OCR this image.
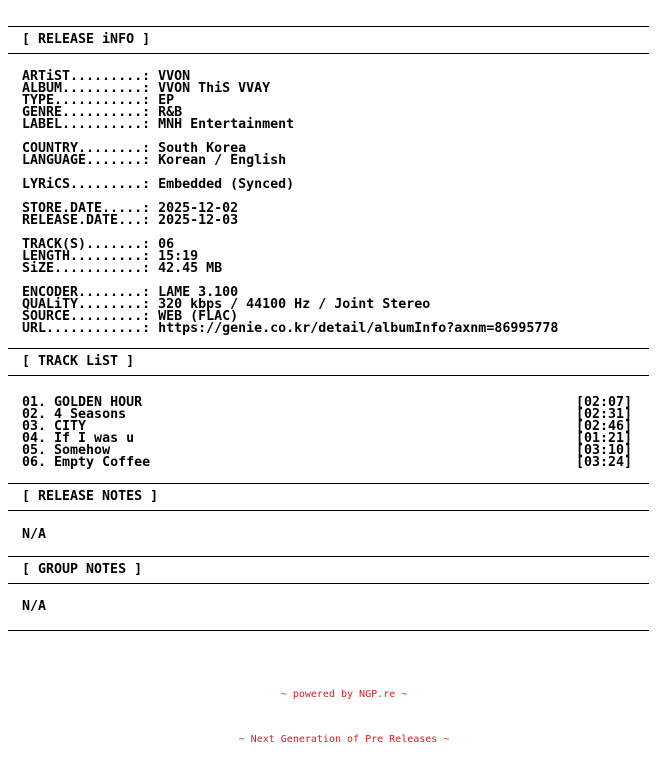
[ RELEASE iNFO ]
ARTiST.........: VVON
ALBUM..........: VVON ThiS VVAY
TYPE...........: EP
GENRE..........: R&B
LABEL..........: MNH Entertainment
COUNTRY........: South Korea
LANGUAGE.......: Korean / English
LYRiCS.........: Embedded (Synced)
STORE.DATE.....: 2025-12-02
RELEASE.DATE...: 2025-12-03
TRACK(S).......: 06
LENGTH.........: 15:19
SiZE...........: 42.45 MB
ENCODER........: LAME 3.100
QUALiTY........: 320 kbps / 44100 Hz / Joint Stereo
SOURCE.........: WEB (FLAC)
URL............: https://genie.co.kr/detail/albumInfo?axnm=86995778
[ TRACK LiST ]
01. GOLDEN HOUR	[02:07]
02. 4 Seasons	[02:31]
03. CITY	[02:46]
04. If I was u	[01:21]
05. Somehow	[03:10]
06. Empty Coffee	[03:24]
[ RELEASE NOTES ]
N/A
[ GROUP NOTES ]
N/A

~ powered by NGP.re ~

~ Next Generation of Pre Releases ~
